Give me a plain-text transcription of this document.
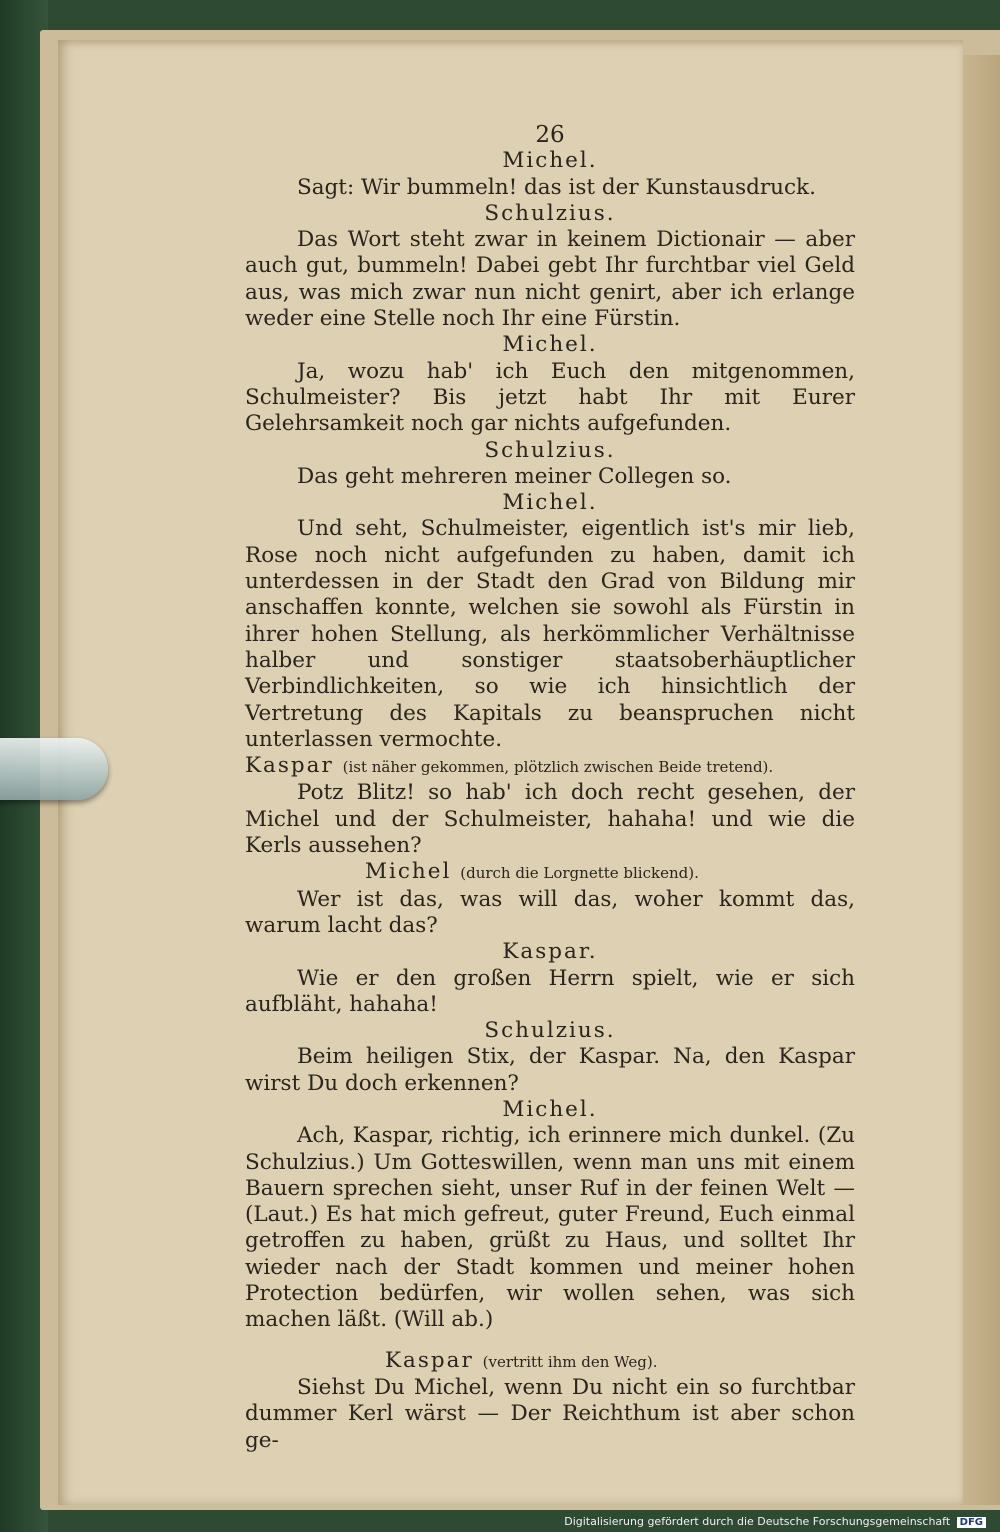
26

Michel.

Sagt: Wir bummeln! das ist der Kunstausdruck.

Schulzius.

Das Wort steht zwar in keinem Dictionair — aber auch gut, bummeln! Dabei gebt Ihr furchtbar viel Geld aus, was mich zwar nun nicht genirt, aber ich erlange weder eine Stelle noch Ihr eine Fürstin.

Michel.

Ja, wozu hab' ich Euch den mitgenommen, Schulmeister? Bis jetzt habt Ihr mit Eurer Gelehrsamkeit noch gar nichts aufgefunden.

Schulzius.

Das geht mehreren meiner Collegen so.

Michel.

Und seht, Schulmeister, eigentlich ist's mir lieb, Rose noch nicht aufgefunden zu haben, damit ich unterdessen in der Stadt den Grad von Bildung mir anschaffen konnte, welchen sie sowohl als Fürstin in ihrer hohen Stellung, als herkömmlicher Verhältnisse halber und sonstiger staatsoberhäuptlicher Verbindlichkeiten, so wie ich hinsichtlich der Vertretung des Kapitals zu beanspruchen nicht unterlassen vermochte.

Kaspar (ist näher gekommen, plötzlich zwischen Beide tretend).

Potz Blitz! so hab' ich doch recht gesehen, der Michel und der Schulmeister, hahaha! und wie die Kerls aussehen?

Michel (durch die Lorgnette blickend).

Wer ist das, was will das, woher kommt das, warum lacht das?

Kaspar.

Wie er den großen Herrn spielt, wie er sich aufbläht, hahaha!

Schulzius.

Beim heiligen Stix, der Kaspar. Na, den Kaspar wirst Du doch erkennen?

Michel.

Ach, Kaspar, richtig, ich erinnere mich dunkel. (Zu Schulzius.) Um Gotteswillen, wenn man uns mit einem Bauern sprechen sieht, unser Ruf in der feinen Welt — (Laut.) Es hat mich gefreut, guter Freund, Euch einmal getroffen zu haben, grüßt zu Haus, und solltet Ihr wieder nach der Stadt kommen und meiner hohen Protection bedürfen, wir wollen sehen, was sich machen läßt. (Will ab.)

Kaspar (vertritt ihm den Weg).

Siehst Du Michel, wenn Du nicht ein so furchtbar dummer Kerl wärst — Der Reichthum ist aber schon ge-

Digitalisierung gefördert durch die Deutsche Forschungsgemeinschaft DFG
